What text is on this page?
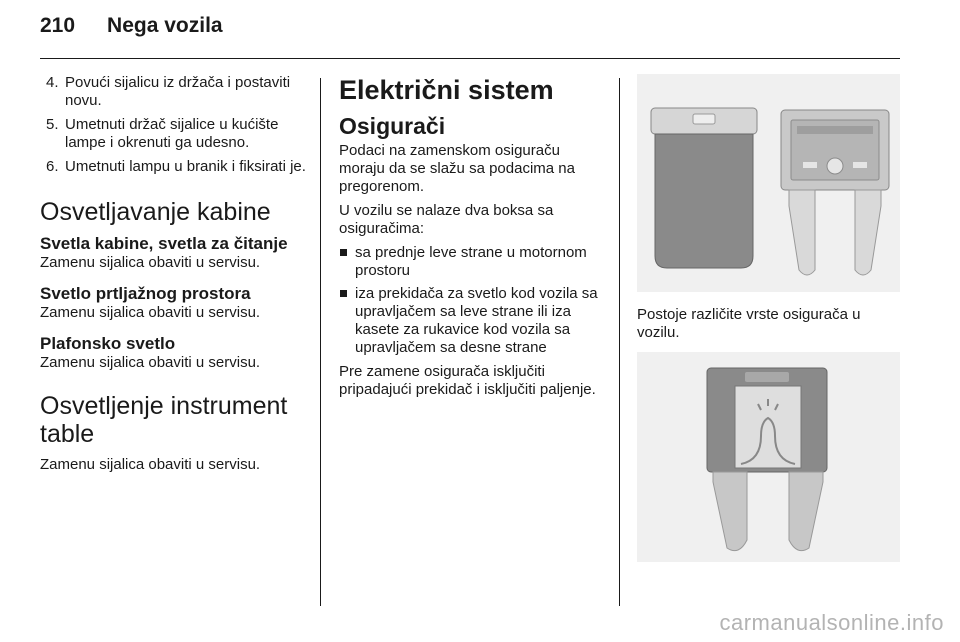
210 Nega vozila
4. Povući sijalicu iz držača i postaviti novu.
5. Umetnuti držač sijalice u kućište lampe i okrenuti ga udesno.
6. Umetnuti lampu u branik i fiksirati je.
Osvetljavanje kabine
Svetla kabine, svetla za čitanje

Zamenu sijalica obaviti u servisu.

Svetlo prtljažnog prostora

Zamenu sijalica obaviti u servisu.

Plafonsko svetlo

Zamenu sijalica obaviti u servisu.

Osvetljenje instrument table

Zamenu sijalica obaviti u servisu.

Električni sistem
Osigurači

Podaci na zamenskom osiguraču moraju da se slažu sa podacima na pregorenom.

U vozilu se nalaze dva boksa sa osiguračima:

sa prednje leve strane u motornom prostoru
iza prekidača za svetlo kod vozila sa upravljačem sa leve strane ili iza kasete za rukavice kod vozila sa upravljačem sa desne strane

Pre zamene osigurača isključiti pripadajući prekidač i isključiti paljenje.

Postoje različite vrste osigurača u vozilu.

carmanualsonline.info
